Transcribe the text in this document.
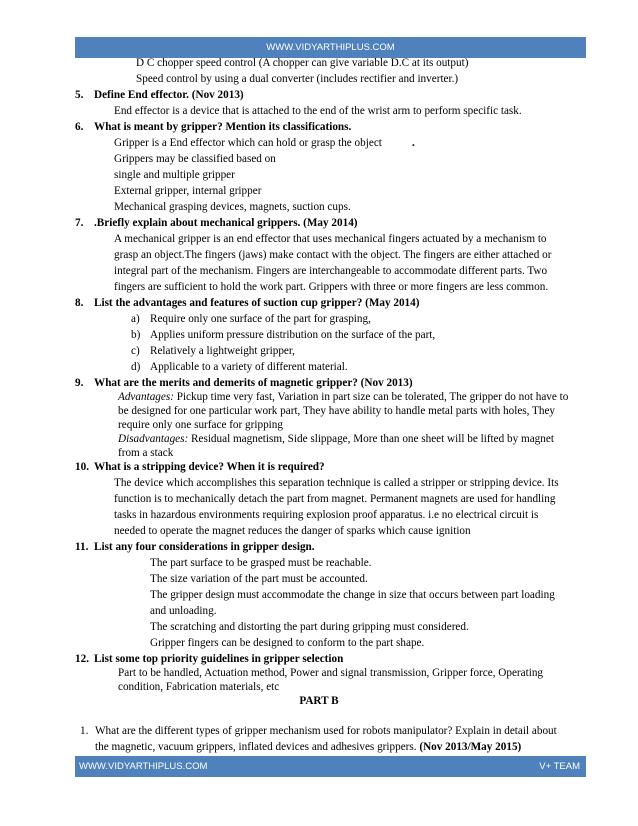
WWW.VIDYARTHIPLUS.COM
D C chopper speed control (A chopper can give variable D.C at its output)
Speed control by using a dual converter (includes rectifier and inverter.)
5. Define End effector. (Nov 2013)
End effector is a device that is attached to the end of the wrist arm to perform specific task.
6. What is meant by gripper? Mention its classifications.
Gripper is a End effector which can hold or grasp the object	.
Grippers may be classified based on
single and multiple gripper
External gripper, internal gripper
Mechanical grasping devices, magnets, suction cups.
7. .Briefly explain about mechanical grippers. (May 2014)
A mechanical gripper is an end effector that uses mechanical fingers actuated by a mechanism to
grasp an object.The fingers (jaws) make contact with the object. The fingers are either attached or
integral part of the mechanism. Fingers are interchangeable to accommodate different parts. Two
fingers are sufficient to hold the work part. Grippers with three or more fingers are less common.
8. List the advantages and features of suction cup gripper? (May 2014)
a) Require only one surface of the part for grasping,
b) Applies uniform pressure distribution on the surface of the part,
c) Relatively a lightweight gripper,
d) Applicable to a variety of different material.
9. What are the merits and demerits of magnetic gripper? (Nov 2013)
Advantages: Pickup time very fast, Variation in part size can be tolerated, The gripper do not have to
be designed for one particular work part, They have ability to handle metal parts with holes, They
require only one surface for gripping
Disadvantages: Residual magnetism, Side slippage, More than one sheet will be lifted by magnet
from a stack
10. What is a stripping device? When it is required?
The device which accomplishes this separation technique is called a stripper or stripping device. Its
function is to mechanically detach the part from magnet. Permanent magnets are used for handling
tasks in hazardous environments requiring explosion proof apparatus. i.e no electrical circuit is
needed to operate the magnet reduces the danger of sparks which cause ignition
11. List any four considerations in gripper design.
The part surface to be grasped must be reachable.
The size variation of the part must be accounted.
The gripper design must accommodate the change in size that occurs between part loading
and unloading.
The scratching and distorting the part during gripping must considered.
Gripper fingers can be designed to conform to the part shape.
12. List some top priority guidelines in gripper selection
Part to be handled, Actuation method, Power and signal transmission, Gripper force, Operating
condition, Fabrication materials, etc
PART B
1. What are the different types of gripper mechanism used for robots manipulator? Explain in detail about
the magnetic, vacuum grippers, inflated devices and adhesives grippers. (Nov 2013/May 2015)
WWW.VIDYARTHIPLUS.COM	V+ TEAM
